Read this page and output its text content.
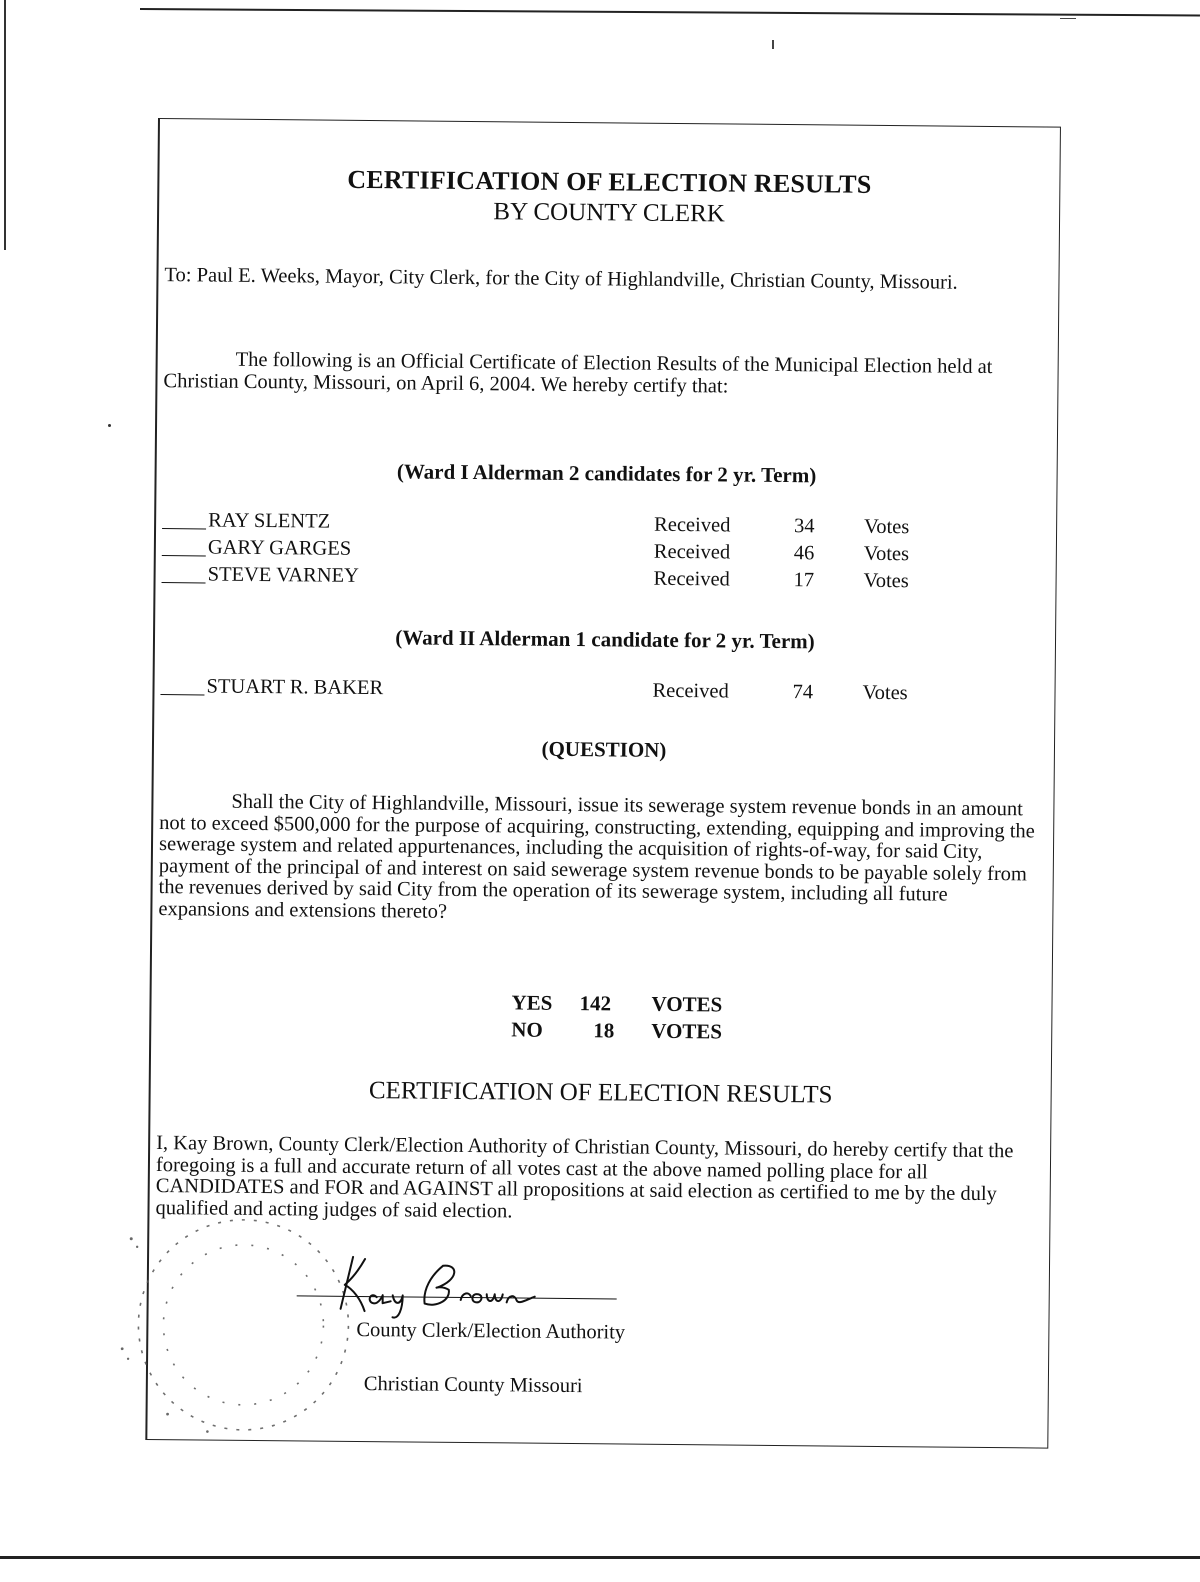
CERTIFICATION OF ELECTION RESULTS
BY COUNTY CLERK
To: Paul E. Weeks, Mayor, City Clerk, for the City of Highlandville, Christian County, Missouri.
The following is an Official Certificate of Election Results of the Municipal Election held at Christian County, Missouri, on April 6, 2004. We hereby certify that:
(Ward I Alderman 2 candidates for 2 yr. Term)
RAY SLENTZ	Received	34 Votes
GARY GARGES	Received	46 Votes
STEVE VARNEY	Received	17 Votes
(Ward II Alderman 1 candidate for 2 yr. Term)
STUART R. BAKER	Received	74 Votes
(QUESTION)
Shall the City of Highlandville, Missouri, issue its sewerage system revenue bonds in an amount not to exceed $500,000 for the purpose of acquiring, constructing, extending, equipping and improving the sewerage system and related appurtenances, including the acquisition of rights-of-way, for said City, payment of the principal of and interest on said sewerage system revenue bonds to be payable solely from the revenues derived by said City from the operation of its sewerage system, including all future expansions and extensions thereto?
YES 142 VOTES
NO 18 VOTES
CERTIFICATION OF ELECTION RESULTS
I, Kay Brown, County Clerk/Election Authority of Christian County, Missouri, do hereby certify that the foregoing is a full and accurate return of all votes cast at the above named polling place for all CANDIDATES and FOR and AGAINST all propositions at said election as certified to me by the duly qualified and acting judges of said election.
County Clerk/Election Authority
Christian County Missouri
